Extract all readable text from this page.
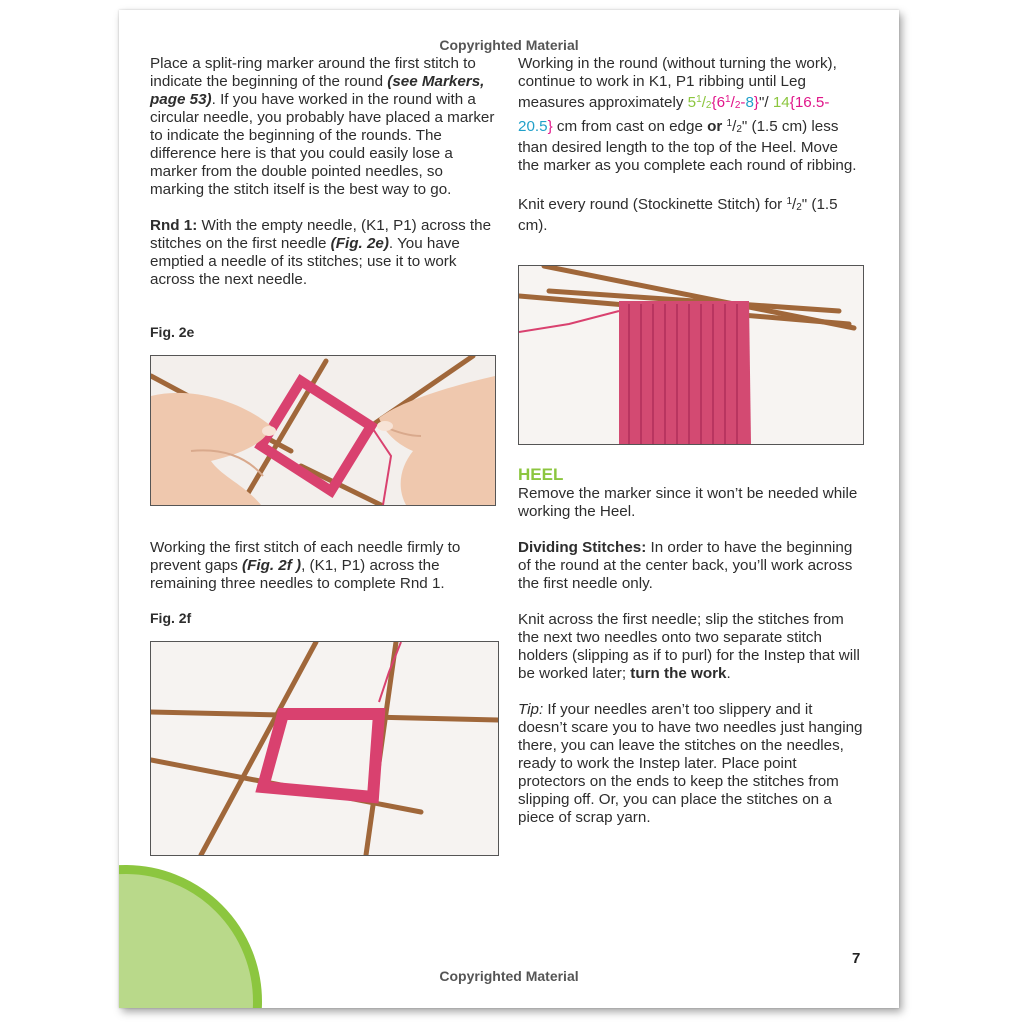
Copyrighted Material

Place a split-ring marker around the first stitch to indicate the beginning of the round (see Markers, page 53). If you have worked in the round with a circular needle, you probably have placed a marker to indicate the beginning of the rounds. The difference here is that you could easily lose a marker from the double pointed needles, so marking the stitch itself is the best way to go.

Rnd 1: With the empty needle, (K1, P1) across the stitches on the first needle (Fig. 2e). You have emptied a needle of its stitches; use it to work across the next needle.

Fig. 2e

Working the first stitch of each needle firmly to prevent gaps (Fig. 2f ), (K1, P1) across the remaining three needles to complete Rnd 1.

Fig. 2f

Working in the round (without turning the work), continue to work in K1, P1 ribbing until Leg measures approximately $5^1/2\{6^1/2-8\}"/$ 14{16.5-20.5} cm from cast on edge or $^1$/2" (1.5 cm) less than desired length to the top of the Heel. Move the marker as you complete each round of ribbing.

Knit every round (Stockinette Stitch) for $^1$/2" (1.5 cm).

HEEL

Remove the marker since it won’t be needed while working the Heel.

Dividing Stitches: In order to have the beginning of the round at the center back, you’ll work across the first needle only.

Knit across the first needle; slip the stitches from the next two needles onto two separate stitch holders (slipping as if to purl) for the Instep that will be worked later; turn the work.

Tip: If your needles aren’t too slippery and it doesn’t scare you to have two needles just hanging there, you can leave the stitches on the needles, ready to work the Instep later. Place point protectors on the ends to keep the stitches from slipping off. Or, you can place the stitches on a piece of scrap yarn.

7
Copyrighted Material
